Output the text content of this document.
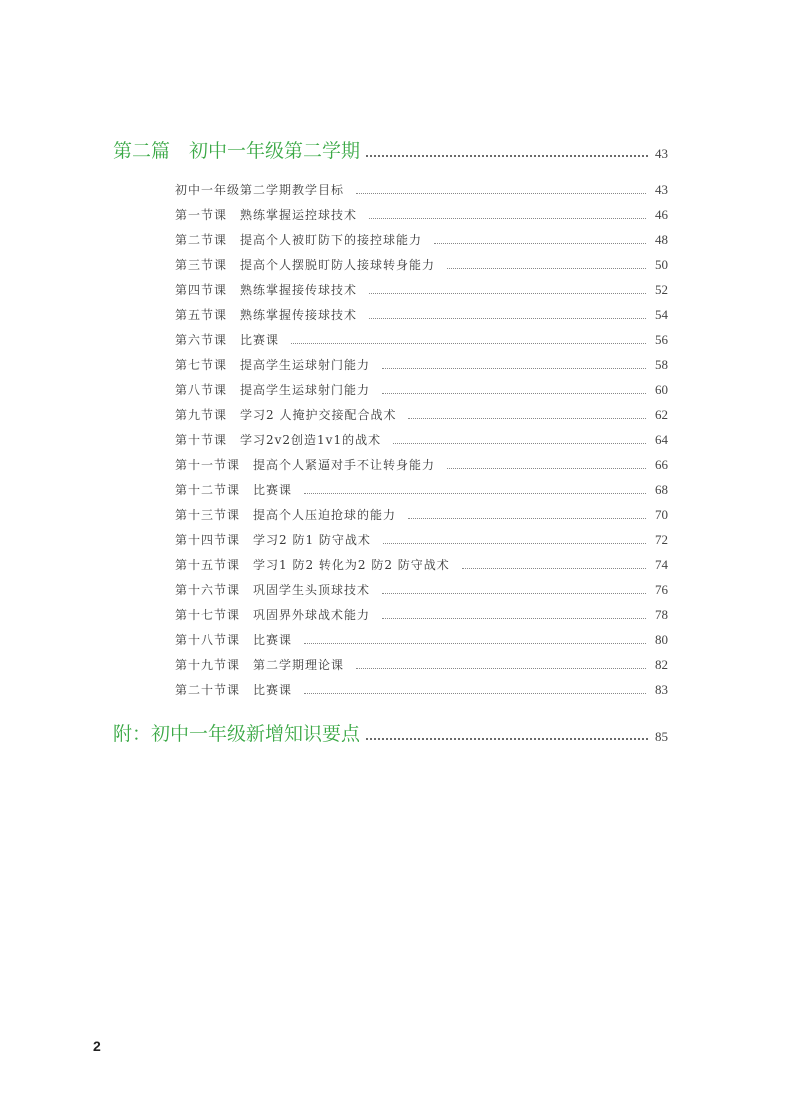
第二篇　初中一年级第二学期	43
初中一年级第二学期教学目标	43
第一节课　熟练掌握运控球技术	46
第二节课　提高个人被盯防下的接控球能力	48
第三节课　提高个人摆脱盯防人接球转身能力	50
第四节课　熟练掌握接传球技术	52
第五节课　熟练掌握传接球技术	54
第六节课　比赛课	56
第七节课　提高学生运球射门能力	58
第八节课　提高学生运球射门能力	60
第九节课　学习2 人掩护交接配合战术	62
第十节课　学习2v2创造1v1的战术	64
第十一节课　提高个人紧逼对手不让转身能力	66
第十二节课　比赛课	68
第十三节课　提高个人压迫抢球的能力	70
第十四节课　学习2 防1 防守战术	72
第十五节课　学习1 防2 转化为2 防2 防守战术	74
第十六节课　巩固学生头顶球技术	76
第十七节课　巩固界外球战术能力	78
第十八节课　比赛课	80
第十九节课　第二学期理论课	82
第二十节课　比赛课	83
附：初中一年级新增知识要点	85
2
